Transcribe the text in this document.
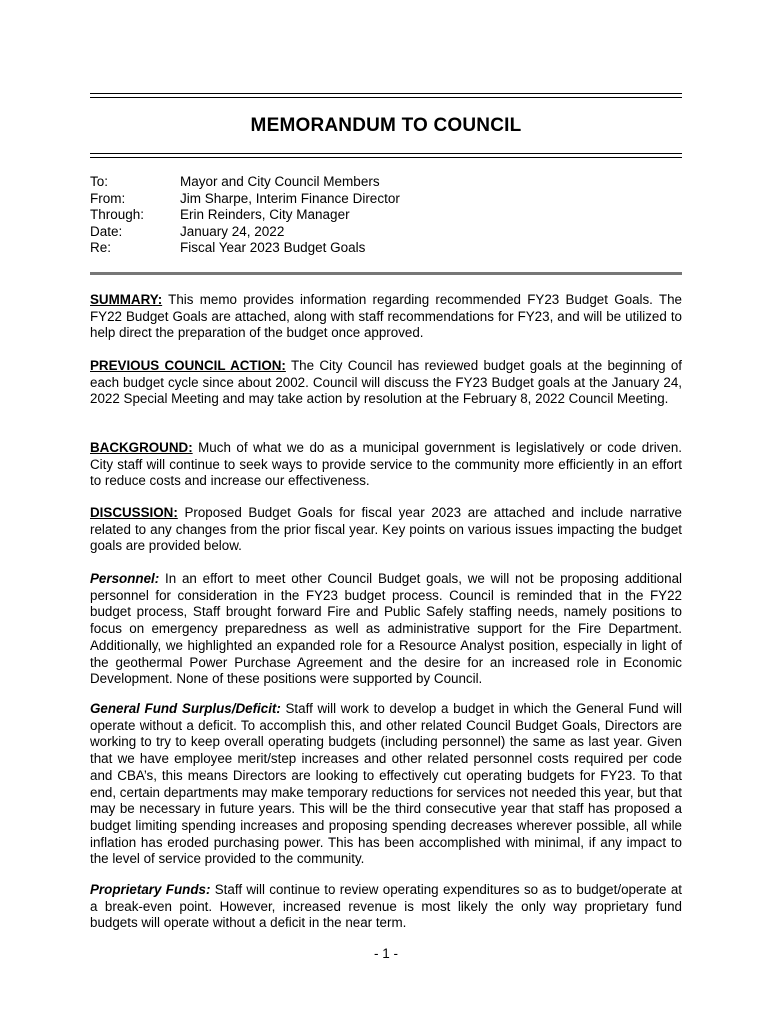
MEMORANDUM TO COUNCIL
To:	Mayor and City Council Members
From:	Jim Sharpe, Interim Finance Director
Through:	Erin Reinders, City Manager
Date:	January 24, 2022
Re:	Fiscal Year 2023 Budget Goals

SUMMARY: This memo provides information regarding recommended FY23 Budget Goals. The FY22 Budget Goals are attached, along with staff recommendations for FY23, and will be utilized to help direct the preparation of the budget once approved.

PREVIOUS COUNCIL ACTION: The City Council has reviewed budget goals at the beginning of each budget cycle since about 2002. Council will discuss the FY23 Budget goals at the January 24, 2022 Special Meeting and may take action by resolution at the February 8, 2022 Council Meeting.

BACKGROUND: Much of what we do as a municipal government is legislatively or code driven. City staff will continue to seek ways to provide service to the community more efficiently in an effort to reduce costs and increase our effectiveness.

DISCUSSION: Proposed Budget Goals for fiscal year 2023 are attached and include narrative related to any changes from the prior fiscal year. Key points on various issues impacting the budget goals are provided below.

Personnel: In an effort to meet other Council Budget goals, we will not be proposing additional personnel for consideration in the FY23 budget process. Council is reminded that in the FY22 budget process, Staff brought forward Fire and Public Safely staffing needs, namely positions to focus on emergency preparedness as well as administrative support for the Fire Department. Additionally, we highlighted an expanded role for a Resource Analyst position, especially in light of the geothermal Power Purchase Agreement and the desire for an increased role in Economic Development. None of these positions were supported by Council.

General Fund Surplus/Deficit: Staff will work to develop a budget in which the General Fund will operate without a deficit. To accomplish this, and other related Council Budget Goals, Directors are working to try to keep overall operating budgets (including personnel) the same as last year. Given that we have employee merit/step increases and other related personnel costs required per code and CBA’s, this means Directors are looking to effectively cut operating budgets for FY23. To that end, certain departments may make temporary reductions for services not needed this year, but that may be necessary in future years. This will be the third consecutive year that staff has proposed a budget limiting spending increases and proposing spending decreases wherever possible, all while inflation has eroded purchasing power. This has been accomplished with minimal, if any impact to the level of service provided to the community.

Proprietary Funds: Staff will continue to review operating expenditures so as to budget/operate at a break-even point. However, increased revenue is most likely the only way proprietary fund budgets will operate without a deficit in the near term.

- 1 -
